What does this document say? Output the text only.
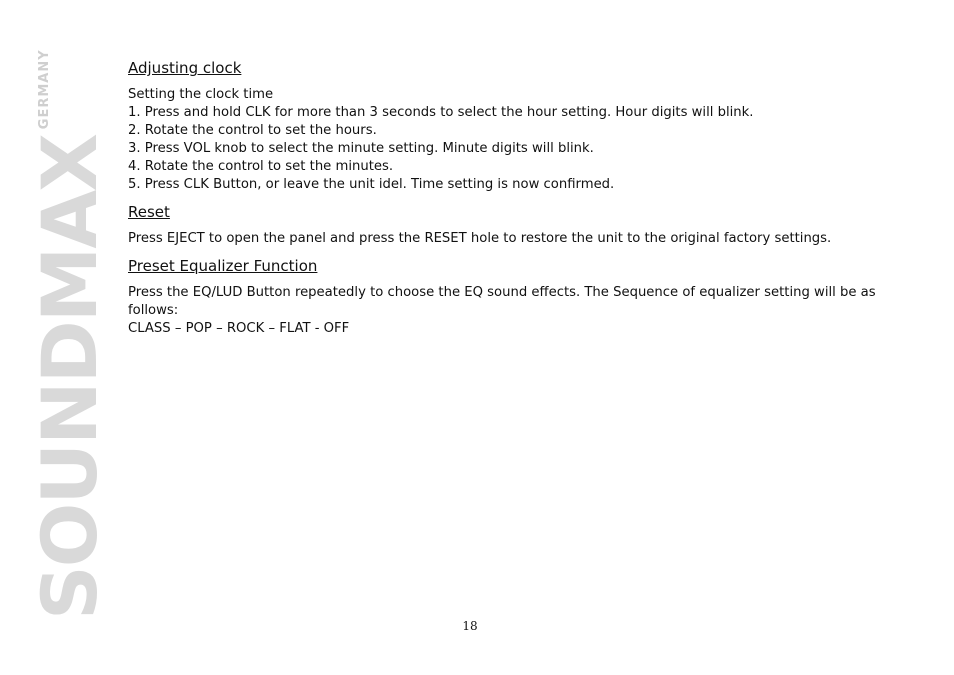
SOUNDMAX
GERMANY	Adjusting clock

Setting the clock time

1. Press and hold CLK for more than 3 seconds to select the hour setting. Hour digits will blink.

2. Rotate the control to set the hours.

3. Press VOL knob to select the minute setting. Minute digits will blink.

4. Rotate the control to set the minutes.

5. Press CLK Button, or leave the unit idel. Time setting is now confirmed.

Reset

Press EJECT to open the panel and press the RESET hole to restore the unit to the original factory settings.

Preset Equalizer Function

Press the EQ/LUD Button repeatedly to choose the EQ sound effects. The Sequence of equalizer setting will be as follows:

CLASS – POP – ROCK – FLAT - OFF

18
